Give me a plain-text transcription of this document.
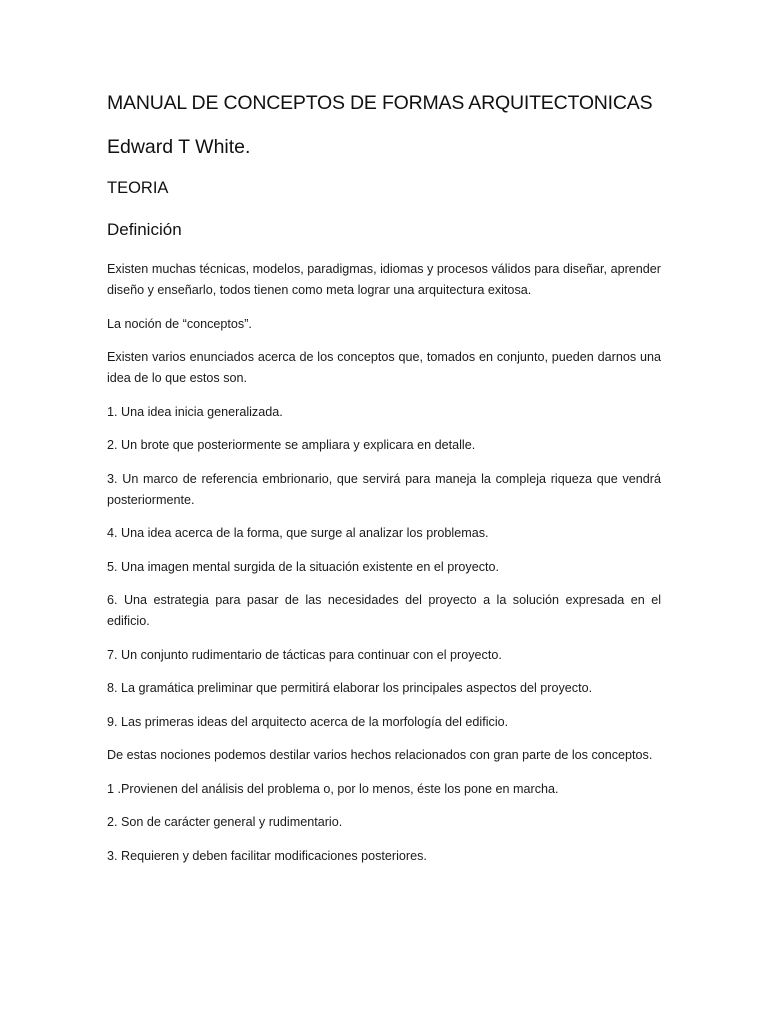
MANUAL DE CONCEPTOS DE FORMAS ARQUITECTONICAS
Edward T White.
TEORIA
Definición

Existen muchas técnicas, modelos, paradigmas, idiomas y procesos válidos para diseñar, aprender diseño y enseñarlo, todos tienen como meta lograr una arquitectura exitosa.

La noción de “conceptos”.

Existen varios enunciados acerca de los conceptos que, tomados en conjunto, pueden darnos una idea de lo que estos son.

1. Una idea inicia generalizada.

2. Un brote que posteriormente se ampliara y explicara en detalle.

3. Un marco de referencia embrionario, que servirá para maneja la compleja riqueza que vendrá posteriormente.

4. Una idea acerca de la forma, que surge al analizar los problemas.

5. Una imagen mental surgida de la situación existente en el proyecto.

6. Una estrategia para pasar de las necesidades del proyecto a la solución expresada en el edificio.

7. Un conjunto rudimentario de tácticas para continuar con el proyecto.

8. La gramática preliminar que permitirá elaborar los principales aspectos del proyecto.

9. Las primeras ideas del arquitecto acerca de la morfología del edificio.

De estas nociones podemos destilar varios hechos relacionados con gran parte de los conceptos.

1 .Provienen del análisis del problema o, por lo menos, éste los pone en marcha.

2. Son de carácter general y rudimentario.

3. Requieren y deben facilitar modificaciones posteriores.
